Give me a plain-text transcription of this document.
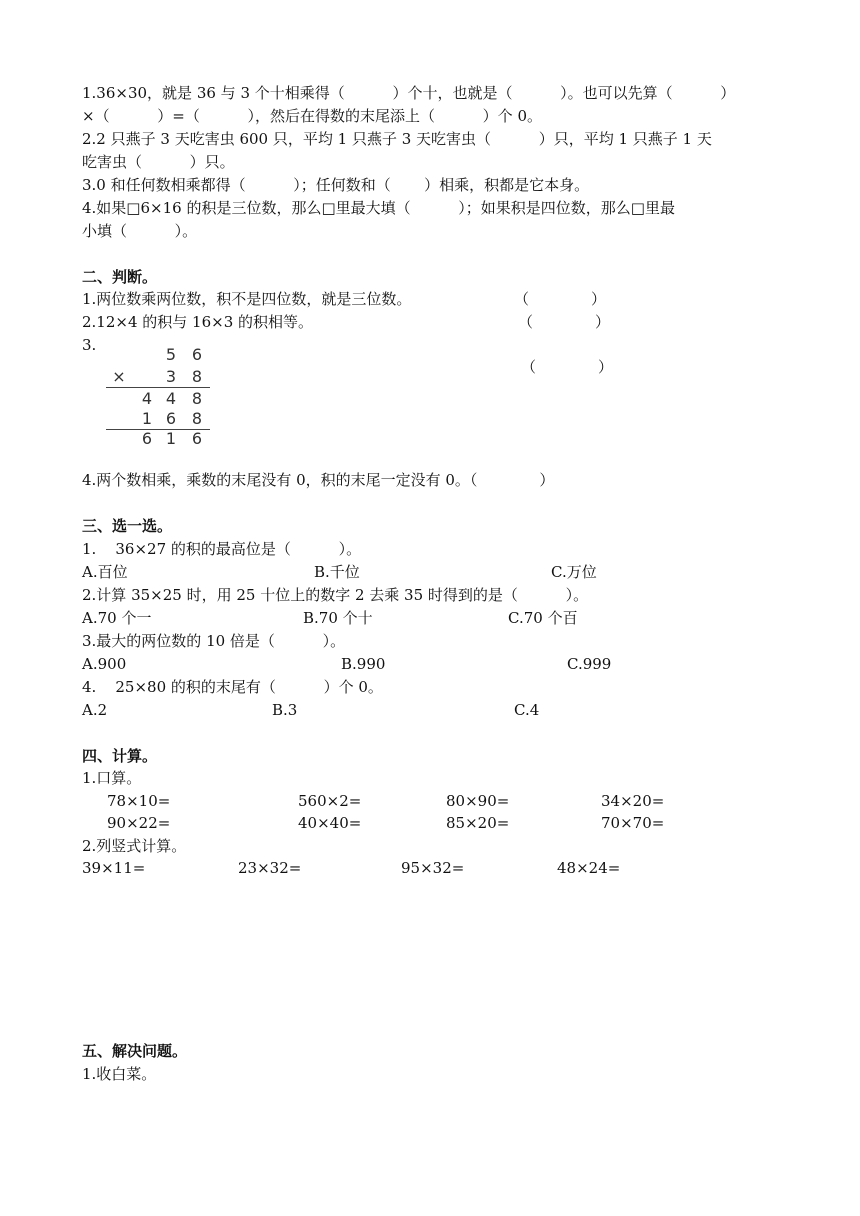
1.36×30，就是 36 与 3 个十相乘得（          ）个十，也就是（          ）。也可以先算（          ）
×（          ）=（          ），然后在得数的末尾添上（          ）个 0。
2.2 只燕子 3 天吃害虫 600 只，平均 1 只燕子 3 天吃害虫（          ）只，平均 1 只燕子 1 天
吃害虫（          ）只。
3.0 和任何数相乘都得（          ）；任何数和（       ）相乘，积都是它本身。
4.如果□6×16 的积是三位数，那么□里最大填（          ）；如果积是四位数，那么□里最
小填（          ）。
二、判断。
1.两位数乘两位数，积不是四位数，就是三位数。	（             ）
2.12×4 的积与 16×3 的积相等。	（             ）
3.
（             ）
5 6
×	3 8
4 4 8
1 6 8
6 1 6
4.两个数相乘，乘数的末尾没有 0，积的末尾一定没有 0。（             ）
三、选一选。
1.    36×27 的积的最高位是（          ）。
A.百位	B.千位	C.万位
2.计算 35×25 时，用 25 十位上的数字 2 去乘 35 时得到的是（          ）。
A.70 个一	B.70 个十	C.70 个百
3.最大的两位数的 10 倍是（          ）。
A.900	B.990	C.999
4.    25×80 的积的末尾有（          ）个 0。
A.2	B.3	C.4
四、计算。
1.口算。
78×10=	560×2=	80×90=	34×20=
90×22=	40×40=	85×20=	70×70=
2.列竖式计算。
39×11=	23×32=	95×32=	48×24=
五、解决问题。
1.收白菜。
